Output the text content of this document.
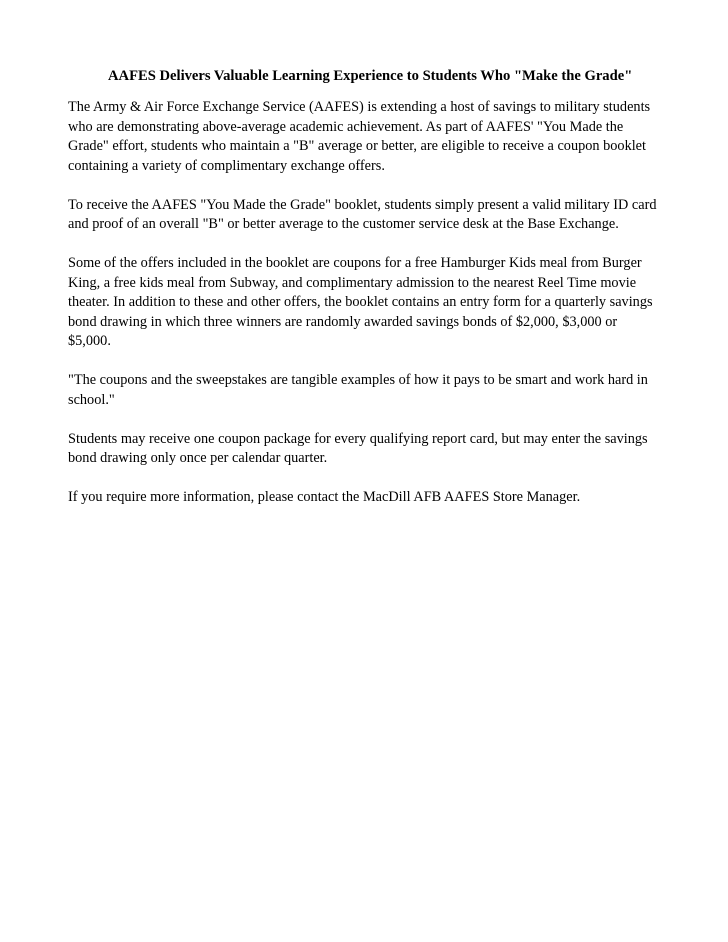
AAFES Delivers Valuable Learning Experience to Students Who "Make the Grade"

The Army & Air Force Exchange Service (AAFES) is extending a host of savings to military students
who are demonstrating above-average academic achievement. As part of AAFES' "You Made the
Grade" effort, students who maintain a "B" average or better, are eligible to receive a coupon booklet
containing a variety of complimentary exchange offers.

To receive the AAFES "You Made the Grade" booklet, students simply present a valid military ID card
and proof of an overall "B" or better average to the customer service desk at the Base Exchange.

Some of the offers included in the booklet are coupons for a free Hamburger Kids meal from Burger
King, a free kids meal from Subway, and complimentary admission to the nearest Reel Time movie
theater. In addition to these and other offers, the booklet contains an entry form for a quarterly savings
bond drawing in which three winners are randomly awarded savings bonds of $2,000, $3,000 or
$5,000.

"The coupons and the sweepstakes are tangible examples of how it pays to be smart and work hard in
school."

Students may receive one coupon package for every qualifying report card, but may enter the savings
bond drawing only once per calendar quarter.

If you require more information, please contact the MacDill AFB AAFES Store Manager.
